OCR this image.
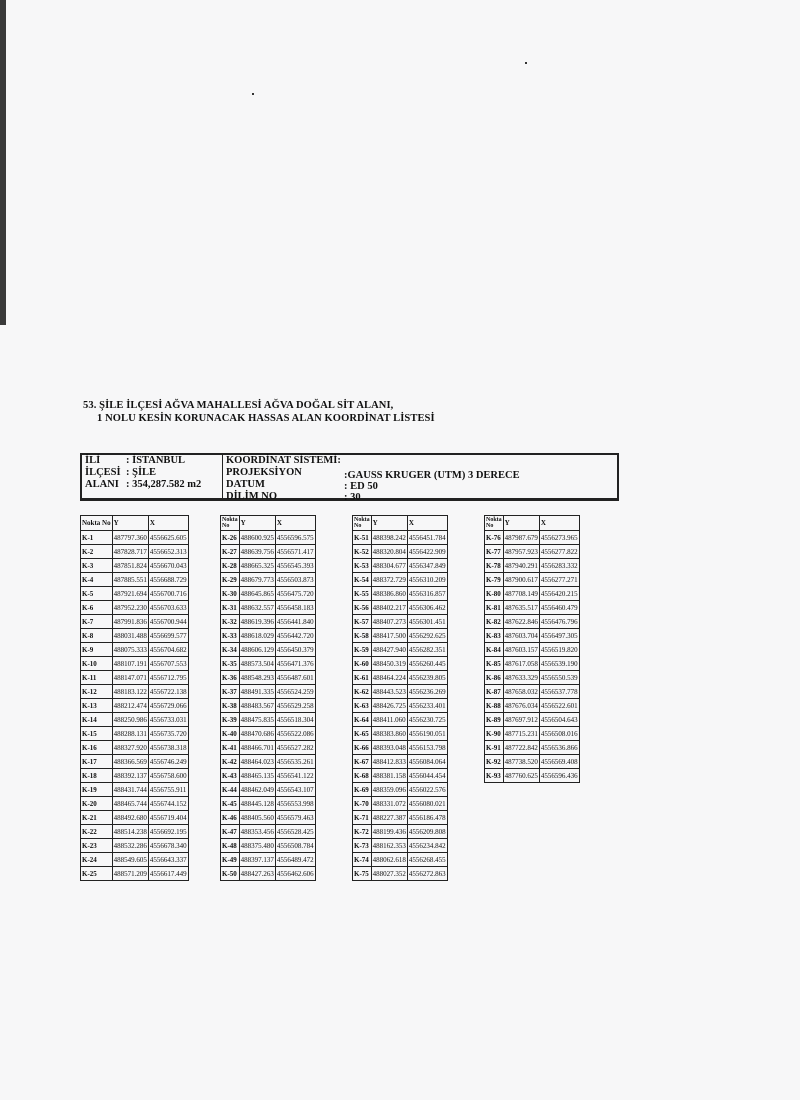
53. ŞİLE İLÇESİ AĞVA MAHALLESİ AĞVA DOĞAL SİT ALANI,
1 NOLU KESİN KORUNACAK HASSAS ALAN KOORDİNAT LİSTESİ
İLİ : İSTANBUL
İLÇESİ : ŞİLE
ALANI : 354,287.582 m2
KOORDİNAT SİSTEMİ:
PROJEKSİYON	:GAUSS KRUGER (UTM) 3 DERECE
DATUM	: ED 50
DİLİM NO	: 30
Nokta No	Y	X
K-1	487797.360	4556625.605
K-2	487828.717	4556652.313
K-3	487851.824	4556670.043
K-4	487885.551	4556688.729
K-5	487921.694	4556700.716
K-6	487952.230	4556703.633
K-7	487991.836	4556700.944
K-8	488031.488	4556699.577
K-9	488075.333	4556704.682
K-10	488107.191	4556707.553
K-11	488147.071	4556712.795
K-12	488183.122	4556722.138
K-13	488212.474	4556729.066
K-14	488250.986	4556733.031
K-15	488288.131	4556735.720
K-16	488327.920	4556738.318
K-17	488366.569	4556746.249
K-18	488392.137	4556758.600
K-19	488431.744	4556755.911
K-20	488465.744	4556744.152
K-21	488492.680	4556719.404
K-22	488514.238	4556692.195
K-23	488532.286	4556678.340
K-24	488549.605	4556643.337
K-25	488571.209	4556617.449
Nokta No	Y	X
K-26	488600.925	4556596.575
K-27	488639.756	4556571.417
K-28	488665.325	4556545.393
K-29	488679.773	4556503.873
K-30	488645.865	4556475.720
K-31	488632.557	4556458.183
K-32	488619.396	4556441.840
K-33	488618.029	4556442.720
K-34	488606.129	4556450.379
K-35	488573.504	4556471.376
K-36	488548.293	4556487.601
K-37	488491.335	4556524.259
K-38	488483.567	4556529.258
K-39	488475.835	4556518.304
K-40	488470.686	4556522.086
K-41	488466.701	4556527.282
K-42	488464.023	4556535.261
K-43	488465.135	4556541.122
K-44	488462.049	4556543.107
K-45	488445.128	4556553.998
K-46	488405.560	4556579.463
K-47	488353.456	4556528.425
K-48	488375.480	4556508.784
K-49	488397.137	4556489.472
K-50	488427.263	4556462.606
Nokta No	Y	X
K-51	488398.242	4556451.784
K-52	488320.804	4556422.909
K-53	488304.677	4556347.849
K-54	488372.729	4556310.209
K-55	488386.860	4556316.857
K-56	488402.217	4556306.462
K-57	488407.273	4556301.451
K-58	488417.500	4556292.625
K-59	488427.940	4556282.351
K-60	488450.319	4556260.445
K-61	488464.224	4556239.805
K-62	488443.523	4556236.269
K-63	488426.725	4556233.401
K-64	488411.060	4556230.725
K-65	488383.860	4556190.051
K-66	488393.048	4556153.798
K-67	488412.833	4556084.064
K-68	488381.158	4556044.454
K-69	488359.096	4556022.576
K-70	488331.072	4556080.021
K-71	488227.387	4556186.478
K-72	488199.436	4556209.808
K-73	488162.353	4556234.842
K-74	488062.618	4556268.455
K-75	488027.352	4556272.863
Nokta No	Y	X
K-76	487987.679	4556273.965
K-77	487957.923	4556277.822
K-78	487940.291	4556283.332
K-79	487900.617	4556277.271
K-80	487708.149	4556420.215
K-81	487635.517	4556460.479
K-82	487622.846	4556476.796
K-83	487603.704	4556497.305
K-84	487603.157	4556519.820
K-85	487617.058	4556539.190
K-86	487633.329	4556550.539
K-87	487658.032	4556537.778
K-88	487676.034	4556522.601
K-89	487697.912	4556504.643
K-90	487715.231	4556508.016
K-91	487722.842	4556536.866
K-92	487738.520	4556569.408
K-93	487760.625	4556596.436
